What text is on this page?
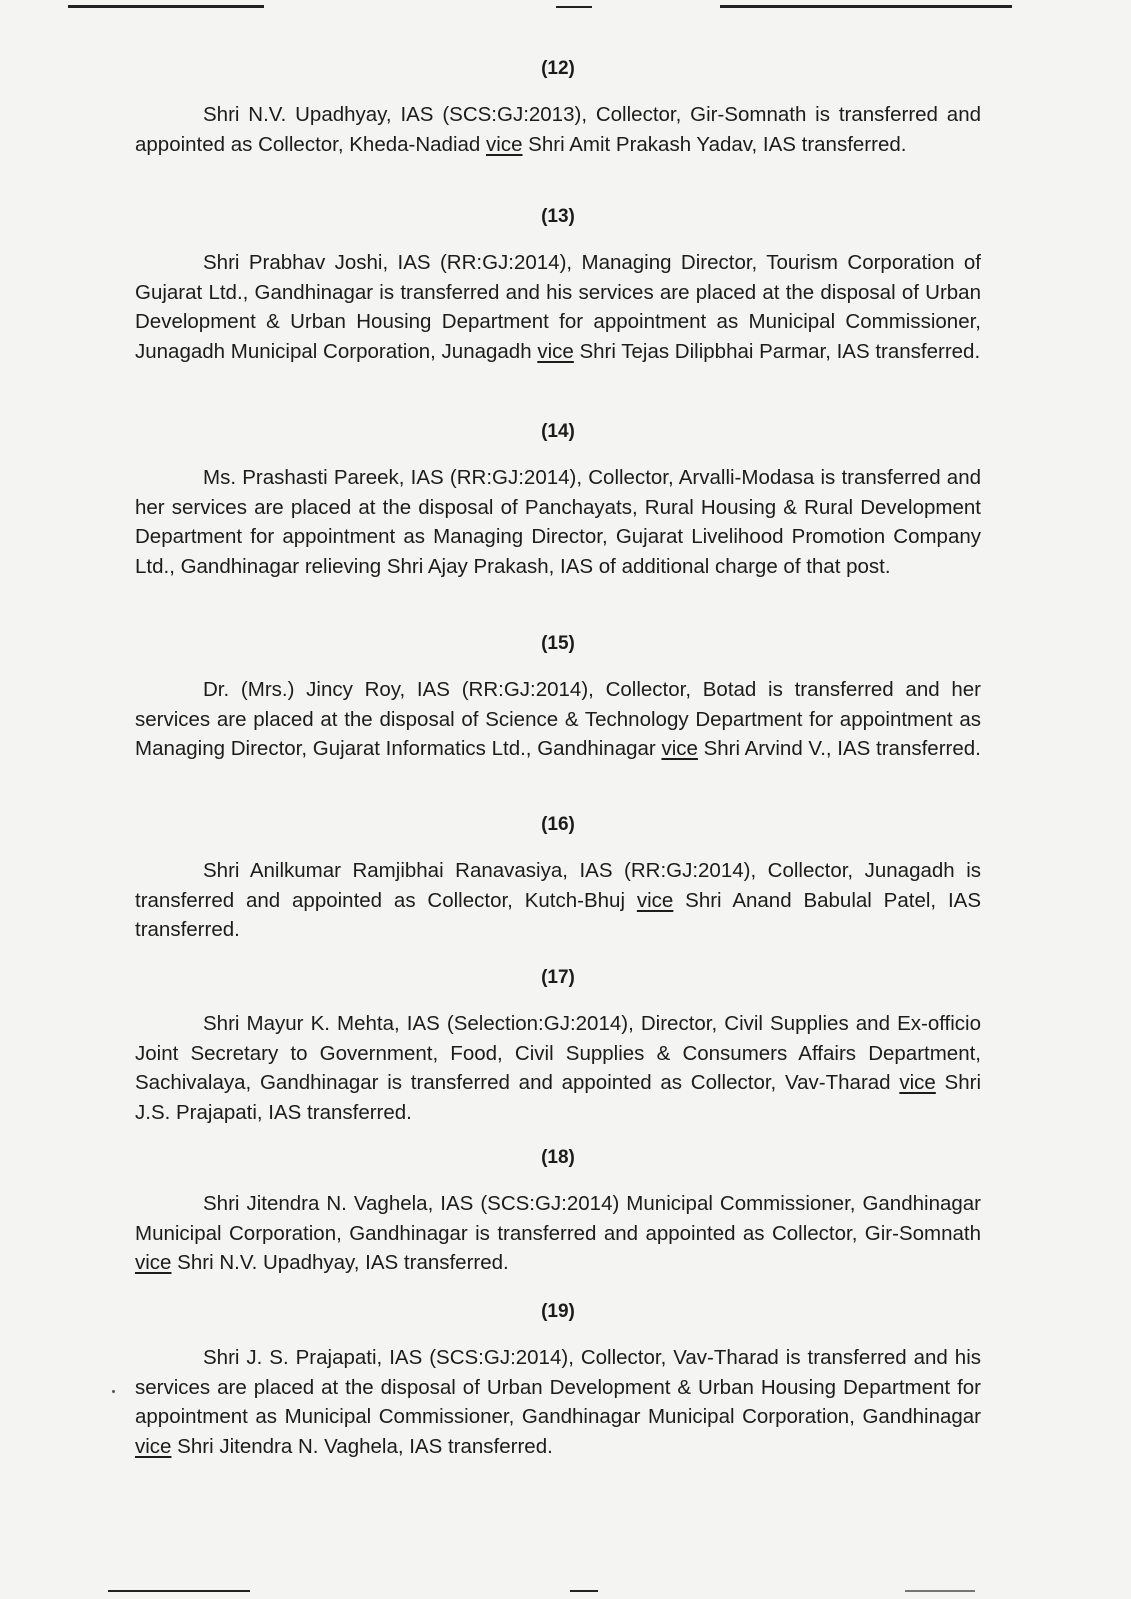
(12)

Shri N.V. Upadhyay, IAS (SCS:GJ:2013), Collector, Gir-Somnath is transferred and appointed as Collector, Kheda-Nadiad vice Shri Amit Prakash Yadav, IAS transferred.

(13)

Shri Prabhav Joshi, IAS (RR:GJ:2014), Managing Director, Tourism Corporation of Gujarat Ltd., Gandhinagar is transferred and his services are placed at the disposal of Urban Development & Urban Housing Department for appointment as Municipal Commissioner, Junagadh Municipal Corporation, Junagadh vice Shri Tejas Dilipbhai Parmar, IAS transferred.

(14)

Ms. Prashasti Pareek, IAS (RR:GJ:2014), Collector, Arvalli-Modasa is transferred and her services are placed at the disposal of Panchayats, Rural Housing & Rural Development Department for appointment as Managing Director, Gujarat Livelihood Promotion Company Ltd., Gandhinagar relieving Shri Ajay Prakash, IAS of additional charge of that post.

(15)

Dr. (Mrs.) Jincy Roy, IAS (RR:GJ:2014), Collector, Botad is transferred and her services are placed at the disposal of Science & Technology Department for appointment as Managing Director, Gujarat Informatics Ltd., Gandhinagar vice Shri Arvind V., IAS transferred.

(16)

Shri Anilkumar Ramjibhai Ranavasiya, IAS (RR:GJ:2014), Collector, Junagadh is transferred and appointed as Collector, Kutch-Bhuj vice Shri Anand Babulal Patel, IAS transferred.

(17)

Shri Mayur K. Mehta, IAS (Selection:GJ:2014), Director, Civil Supplies and Ex-officio Joint Secretary to Government, Food, Civil Supplies & Consumers Affairs Department, Sachivalaya, Gandhinagar is transferred and appointed as Collector, Vav-Tharad vice Shri J.S. Prajapati, IAS transferred.

(18)

Shri Jitendra N. Vaghela, IAS (SCS:GJ:2014) Municipal Commissioner, Gandhinagar Municipal Corporation, Gandhinagar is transferred and appointed as Collector, Gir-Somnath vice Shri N.V. Upadhyay, IAS transferred.

(19)

Shri J. S. Prajapati, IAS (SCS:GJ:2014), Collector, Vav-Tharad is transferred and his services are placed at the disposal of Urban Development & Urban Housing Department for appointment as Municipal Commissioner, Gandhinagar Municipal Corporation, Gandhinagar vice Shri Jitendra N. Vaghela, IAS transferred.
